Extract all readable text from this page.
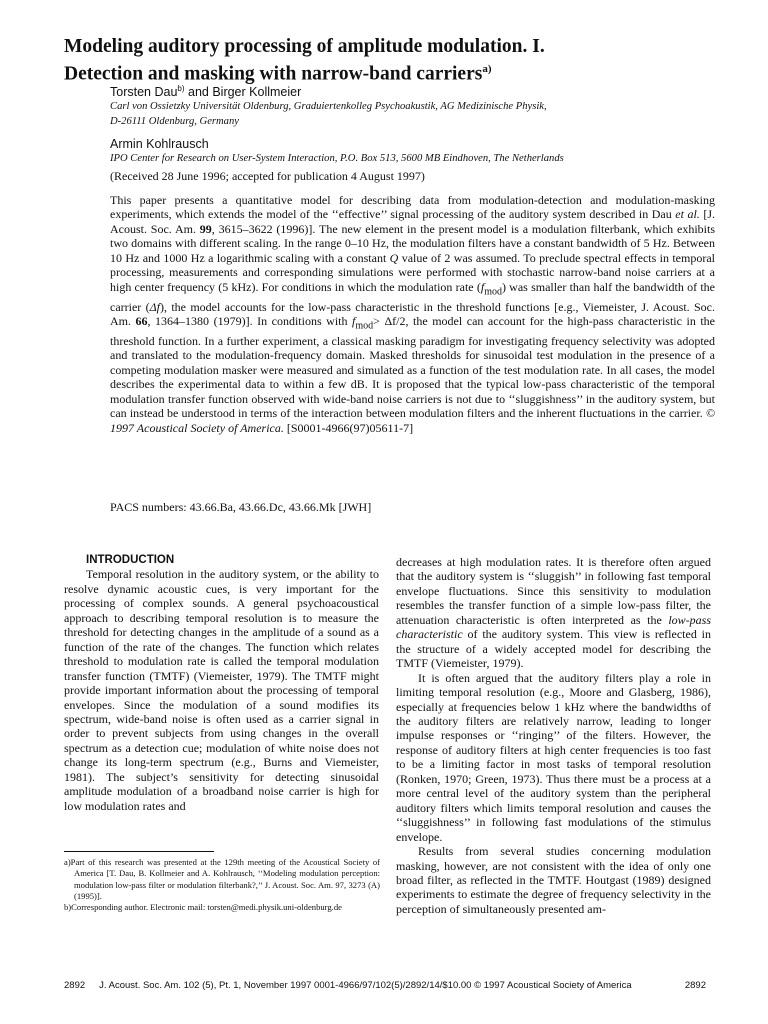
Modeling auditory processing of amplitude modulation. I.
Detection and masking with narrow-band carriers$^{a)}$
Torsten Dau$^{b)}$ and Birger Kollmeier
Carl von Ossietzky Universität Oldenburg, Graduiertenkolleg Psychoakustik, AG Medizinische Physik,
D-26111 Oldenburg, Germany
Armin Kohlrausch
IPO Center for Research on User-System Interaction, P.O. Box 513, 5600 MB Eindhoven, The Netherlands
(Received 28 June 1996; accepted for publication 4 August 1997)

This paper presents a quantitative model for describing data from modulation-detection and modulation-masking experiments, which extends the model of the ‘‘effective’’ signal processing of the auditory system described in Dau et al. [J. Acoust. Soc. Am. 99, 3615–3622 (1996)]. The new element in the present model is a modulation filterbank, which exhibits two domains with different scaling. In the range 0–10 Hz, the modulation filters have a constant bandwidth of 5 Hz. Between 10 Hz and 1000 Hz a logarithmic scaling with a constant Q value of 2 was assumed. To preclude spectral effects in temporal processing, measurements and corresponding simulations were performed with stochastic narrow-band noise carriers at a high center frequency (5 kHz). For conditions in which the modulation rate $(f_{mod})$ was smaller than half the bandwidth of the carrier (Δf), the model accounts for the low-pass characteristic in the threshold functions [e.g., Viemeister, J. Acoust. Soc. Am. 66, 1364–1380 (1979)]. In conditions with $f_{mod}> \Delta f/2$, the model can account for the high-pass characteristic in the threshold function. In a further experiment, a classical masking paradigm for investigating frequency selectivity was adopted and translated to the modulation-frequency domain. Masked thresholds for sinusoidal test modulation in the presence of a competing modulation masker were measured and simulated as a function of the test modulation rate. In all cases, the model describes the experimental data to within a few dB. It is proposed that the typical low-pass characteristic of the temporal modulation transfer function observed with wide-band noise carriers is not due to ‘‘sluggishness’’ in the auditory system, but can instead be understood in terms of the interaction between modulation filters and the inherent fluctuations in the carrier. © 1997 Acoustical Society of America. [S0001-4966(97)05611-7]

PACS numbers: 43.66.Ba, 43.66.Dc, 43.66.Mk [JWH]

INTRODUCTION

Temporal resolution in the auditory system, or the ability to resolve dynamic acoustic cues, is very important for the processing of complex sounds. A general psychoacoustical approach to describing temporal resolution is to measure the threshold for detecting changes in the amplitude of a sound as a function of the rate of the changes. The function which relates threshold to modulation rate is called the temporal modulation transfer function (TMTF) (Viemeister, 1979). The TMTF might provide important information about the processing of temporal envelopes. Since the modulation of a sound modifies its spectrum, wide-band noise is often used as a carrier signal in order to prevent subjects from using changes in the overall spectrum as a detection cue; modulation of white noise does not change its long-term spectrum (e.g., Burns and Viemeister, 1981). The subject’s sensitivity for detecting sinusoidal amplitude modulation of a broadband noise carrier is high for low modulation rates and

a)Part of this research was presented at the 129th meeting of the Acoustical Society of America [T. Dau, B. Kollmeier and A. Kohlrausch, ‘‘Modeling modulation perception: modulation low-pass filter or modulation filterbank?,’’ J. Acoust. Soc. Am. 97, 3273 (A) (1995)].

b)Corresponding author. Electronic mail: torsten@medi.physik.uni-oldenburg.de

decreases at high modulation rates. It is therefore often argued that the auditory system is ‘‘sluggish’’ in following fast temporal envelope fluctuations. Since this sensitivity to modulation resembles the transfer function of a simple low-pass filter, the attenuation characteristic is often interpreted as the low-pass characteristic of the auditory system. This view is reflected in the structure of a widely accepted model for describing the TMTF (Viemeister, 1979).

It is often argued that the auditory filters play a role in limiting temporal resolution (e.g., Moore and Glasberg, 1986), especially at frequencies below 1 kHz where the bandwidths of the auditory filters are relatively narrow, leading to longer impulse responses or ‘‘ringing’’ of the filters. However, the response of auditory filters at high center frequencies is too fast to be a limiting factor in most tasks of temporal resolution (Ronken, 1970; Green, 1973). Thus there must be a process at a more central level of the auditory system than the peripheral auditory filters which limits temporal resolution and causes the ‘‘sluggishness’’ in following fast modulations of the stimulus envelope.

Results from several studies concerning modulation masking, however, are not consistent with the idea of only one broad filter, as reflected in the TMTF. Houtgast (1989) designed experiments to estimate the degree of frequency selectivity in the perception of simultaneously presented am-

2892 J. Acoust. Soc. Am. 102 (5), Pt. 1, November 1997 0001-4966/97/102(5)/2892/14/$10.00 © 1997 Acoustical Society of America	2892
